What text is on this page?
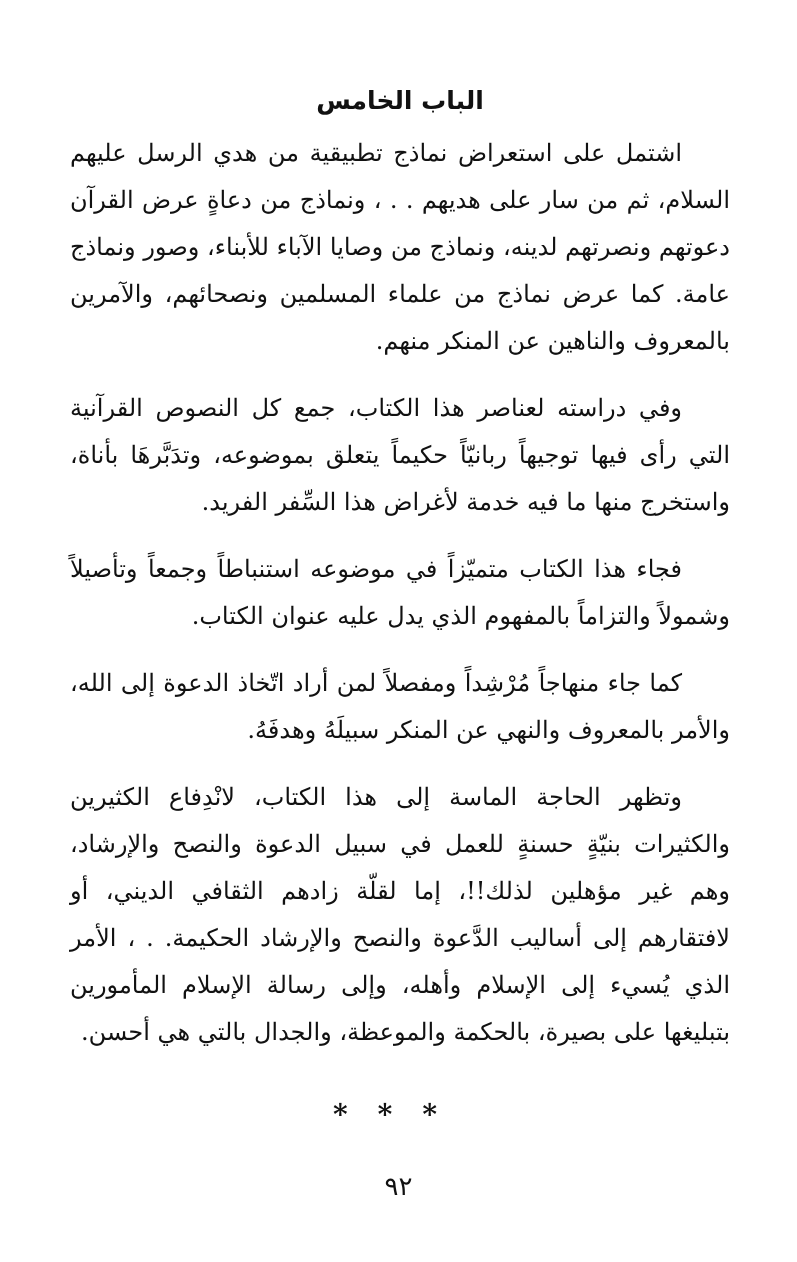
الباب الخامس

اشتمل على استعراض نماذج تطبيقية من هدي الرسل عليهم السلام، ثم من سار على هديهم . . ، ونماذج من دعاةٍ عرض القرآن دعوتهم ونصرتهم لدينه، ونماذج من وصايا الآباء للأبناء، وصور ونماذج عامة. كما عرض نماذج من علماء المسلمين ونصحائهم، والآمرين بالمعروف والناهين عن المنكر منهم.

وفي دراسته لعناصر هذا الكتاب، جمع كل النصوص القرآنية التي رأى فيها توجيهاً ربانيّاً حكيماً يتعلق بموضوعه، وتدَبَّرهَا بأناة، واستخرج منها ما فيه خدمة لأغراض هذا السِّفر الفريد.

فجاء هذا الكتاب متميّزاً في موضوعه استنباطاً وجمعاً وتأصيلاً وشمولاً والتزاماً بالمفهوم الذي يدل عليه عنوان الكتاب.

كما جاء منهاجاً مُرْشِداً ومفصلاً لمن أراد اتّخاذ الدعوة إلى الله، والأمر بالمعروف والنهي عن المنكر سبيلَهُ وهدفَهُ.

وتظهر الحاجة الماسة إلى هذا الكتاب، لانْدِفاع الكثيرين والكثيرات بنيّةٍ حسنةٍ للعمل في سبيل الدعوة والنصح والإرشاد، وهم غير مؤهلين لذلك!!، إما لقلّة زادهم الثقافي الديني، أو لافتقارهم إلى أساليب الدَّعوة والنصح والإرشاد الحكيمة. . ، الأمر الذي يُسيء إلى الإسلام وأهله، وإلى رسالة الإسلام المأمورين بتبليغها على بصيرة، بالحكمة والموعظة، والجدال بالتي هي أحسن.

***
٩٢
